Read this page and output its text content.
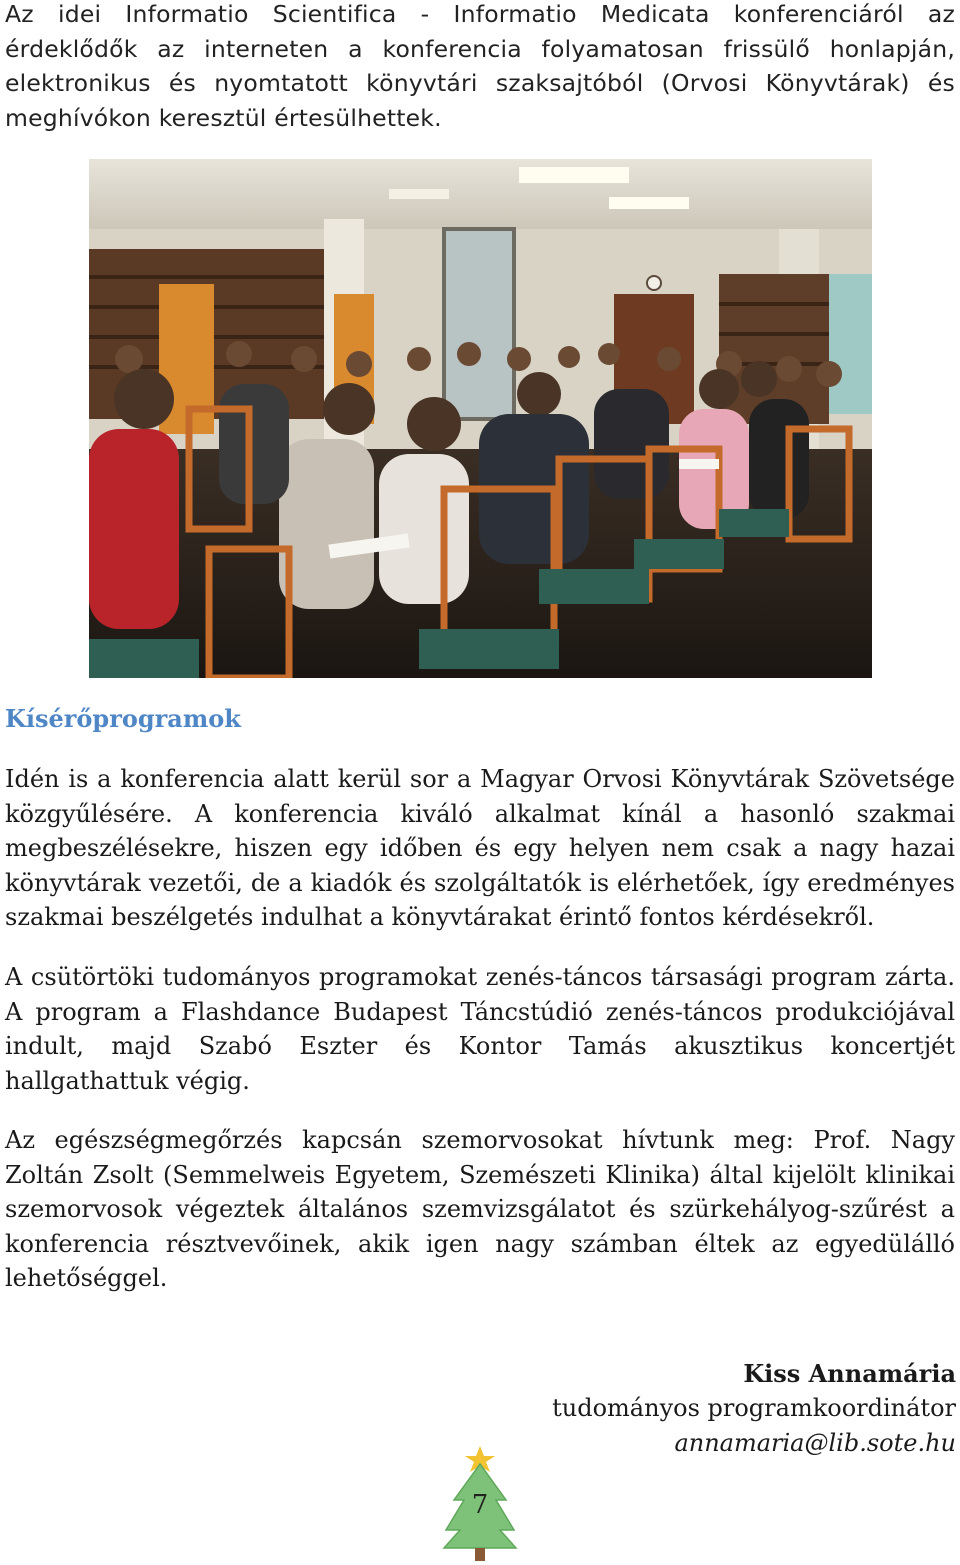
Az idei Informatio Scientifica - Informatio Medicata konferenciáról az érdeklődők az interneten a konferencia folyamatosan frissülő honlapján, elektronikus és nyomtatott könyvtári szaksajtóból (Orvosi Könyvtárak) és meghívókon keresztül értesülhettek.

Kísérőprogramok

Idén is a konferencia alatt kerül sor a Magyar Orvosi Könyvtárak Szövetsége közgyűlésére. A konferencia kiváló alkalmat kínál a hasonló szakmai megbeszélésekre, hiszen egy időben és egy helyen nem csak a nagy hazai könyvtárak vezetői, de a kiadók és szolgáltatók is elérhetőek, így eredményes szakmai beszélgetés indulhat a könyvtárakat érintő fontos kérdésekről.

A csütörtöki tudományos programokat zenés-táncos társasági program zárta. A program a Flashdance Budapest Táncstúdió zenés-táncos produkciójával indult, majd Szabó Eszter és Kontor Tamás akusztikus koncertjét hallgathattuk végig.

Az egészségmegőrzés kapcsán szemorvosokat hívtunk meg: Prof. Nagy Zoltán Zsolt (Semmelweis Egyetem, Szemészeti Klinika) által kijelölt klinikai szemorvosok végeztek általános szemvizsgálatot és szürkehályog-szűrést a konferencia résztvevőinek, akik igen nagy számban éltek az egyedülálló lehetőséggel.

Kiss Annamária
tudományos programkoordinátor
annamaria@lib.sote.hu
7
